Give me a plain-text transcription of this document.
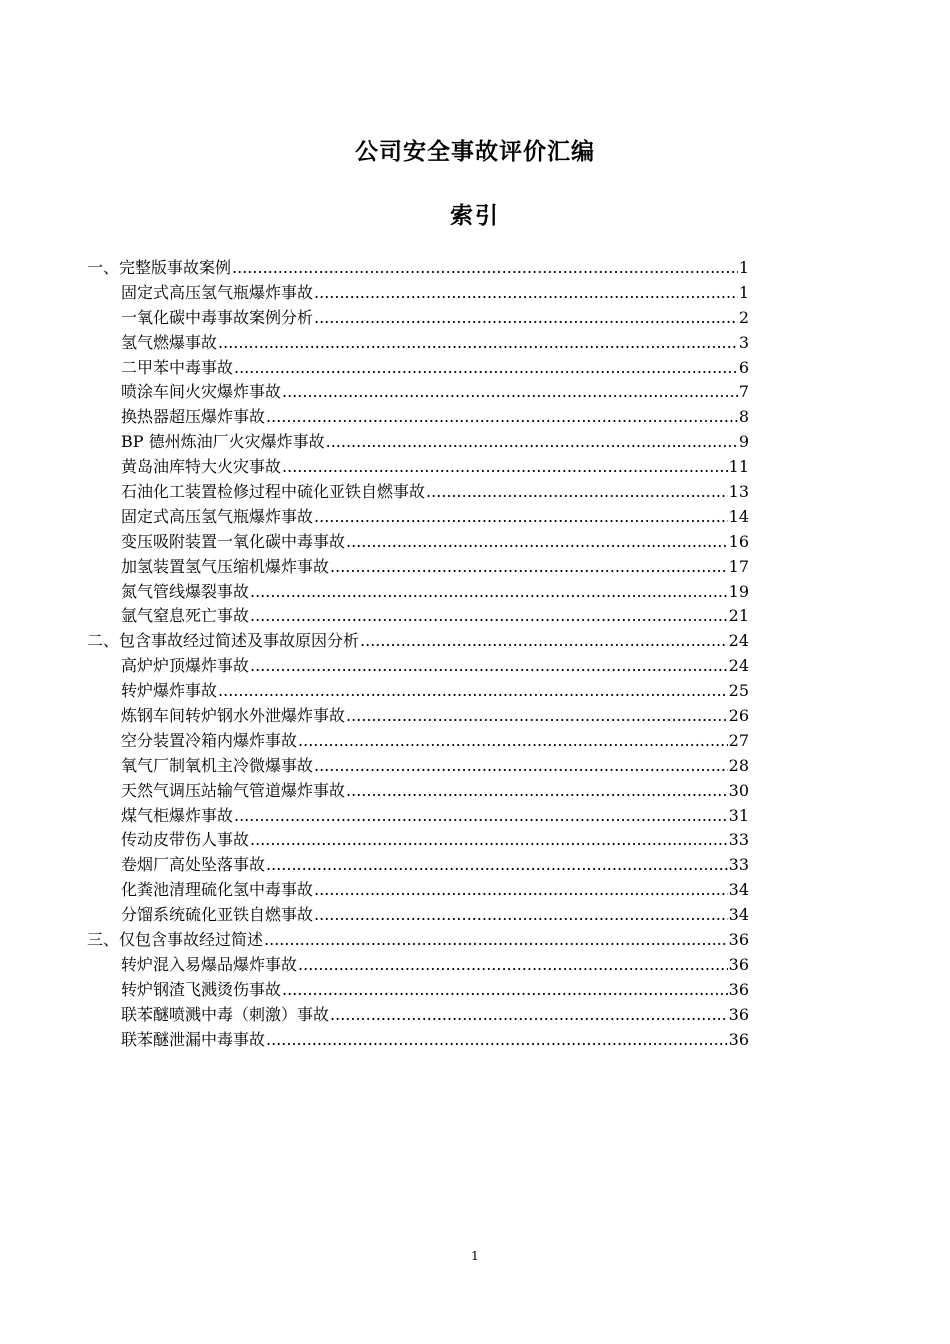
公司安全事故评价汇编
索引
一、完整版事故案例 .....	1
固定式高压氢气瓶爆炸事故 .....	1
一氧化碳中毒事故案例分析 .....	2
氢气燃爆事故 .....	3
二甲苯中毒事故 .....	6
喷涂车间火灾爆炸事故 .....	7
换热器超压爆炸事故 .....	8
BP 德州炼油厂火灾爆炸事故 .....	9
黄岛油库特大火灾事故 .....	11
石油化工装置检修过程中硫化亚铁自燃事故 .....	13
固定式高压氢气瓶爆炸事故 .....	14
变压吸附装置一氧化碳中毒事故 .....	16
加氢装置氢气压缩机爆炸事故 .....	17
氮气管线爆裂事故 .....	19
氩气窒息死亡事故 .....	21
二、包含事故经过简述及事故原因分析 .....	24
高炉炉顶爆炸事故 .....	24
转炉爆炸事故 .....	25
炼钢车间转炉钢水外泄爆炸事故 .....	26
空分装置冷箱内爆炸事故 .....	27
氧气厂制氧机主冷微爆事故 .....	28
天然气调压站输气管道爆炸事故 .....	30
煤气柜爆炸事故 .....	31
传动皮带伤人事故 .....	33
卷烟厂高处坠落事故 .....	33
化粪池清理硫化氢中毒事故 .....	34
分馏系统硫化亚铁自燃事故 .....	34
三、仅包含事故经过简述 .....	36
转炉混入易爆品爆炸事故 .....	36
转炉钢渣飞溅烫伤事故 .....	36
联苯醚喷溅中毒（刺激）事故 .....	36
联苯醚泄漏中毒事故 .....	36
1
